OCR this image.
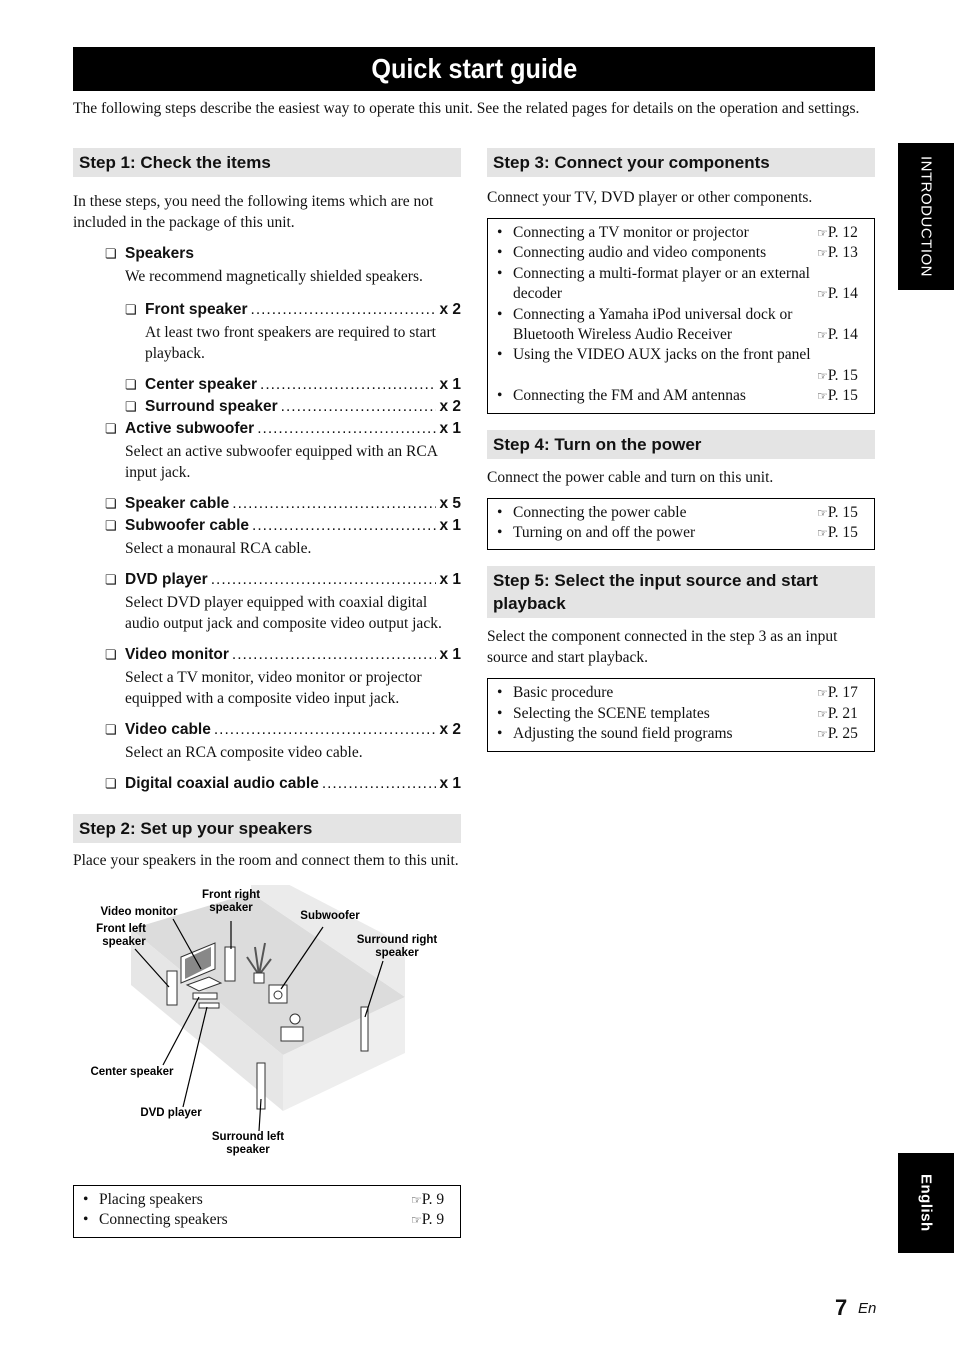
Quick start guide
The following steps describe the easiest way to operate this unit. See the related pages for details on the operation and settings.
Step 1: Check the items
In these steps, you need the following items which are not included in the package of this unit.
❏ Speakers
We recommend magnetically shielded speakers.
❏ Front speaker .....	x 2
At least two front speakers are required to start playback.
❏ Center speaker .....	x 1
❏ Surround speaker .....	x 2
❏ Active subwoofer .....	x 1
Select an active subwoofer equipped with an RCA input jack.
❏ Speaker cable .....	x 5
❏ Subwoofer cable .....	x 1
Select a monaural RCA cable.
❏ DVD player .....	x 1
Select DVD player equipped with coaxial digital audio output jack and composite video output jack.
❏ Video monitor .....	x 1
Select a TV monitor, video monitor or projector equipped with a composite video input jack.
❏ Video cable .....	x 2
Select an RCA composite video cable.
❏ Digital coaxial audio cable .....	x 1
Step 2: Set up your speakers
Place your speakers in the room and connect them to this unit.
Front right
speaker
Video monitor	Subwoofer
Front left
speaker	Surround right
speaker
Center speaker
DVD player
Surround left
speaker
• Placing speakers	☞ P. 9
• Connecting speakers	☞ P. 9
Step 3: Connect your components
Connect your TV, DVD player or other components.
• Connecting a TV monitor or projector	☞ P. 12
• Connecting audio and video components	☞ P. 13
• Connecting a multi-format player or an external
decoder	☞ P. 14
• Connecting a Yamaha iPod universal dock or
Bluetooth Wireless Audio Receiver	☞ P. 14
• Using the VIDEO AUX jacks on the front panel
☞ P. 15
• Connecting the FM and AM antennas	☞ P. 15
Step 4: Turn on the power
Connect the power cable and turn on this unit.
• Connecting the power cable	☞ P. 15
• Turning on and off the power	☞ P. 15
Step 5: Select the input source and start playback
Select the component connected in the step 3 as an input source and start playback.
• Basic procedure	☞ P. 17
• Selecting the SCENE templates	☞ P. 21
• Adjusting the sound field programs	☞ P. 25
INTRODUCTION
English
7 En
